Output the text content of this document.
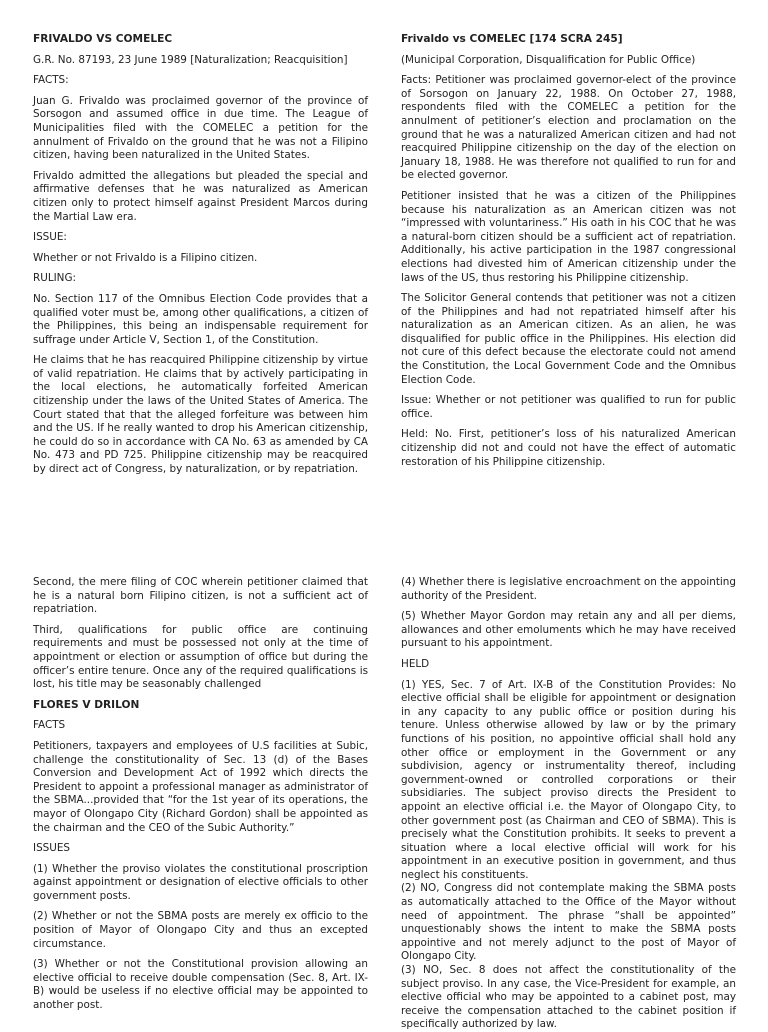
FRIVALDO VS COMELEC

G.R. No. 87193, 23 June 1989 [Naturalization; Reacquisition]

FACTS:

Juan G. Frivaldo was proclaimed governor of the province of Sorsogon and assumed office in due time. The League of Municipalities filed with the COMELEC a petition for the annulment of Frivaldo on the ground that he was not a Filipino citizen, having been naturalized in the United States.

Frivaldo admitted the allegations but pleaded the special and affirmative defenses that he was naturalized as American citizen only to protect himself against President Marcos during the Martial Law era.

ISSUE:

Whether or not Frivaldo is a Filipino citizen.

RULING:

No. Section 117 of the Omnibus Election Code provides that a qualified voter must be, among other qualifications, a citizen of the Philippines, this being an indispensable requirement for suffrage under Article V, Section 1, of the Constitution.

He claims that he has reacquired Philippine citizenship by virtue of valid repatriation. He claims that by actively participating in the local elections, he automatically forfeited American citizenship under the laws of the United States of America. The Court stated that that the alleged forfeiture was between him and the US. If he really wanted to drop his American citizenship, he could do so in accordance with CA No. 63 as amended by CA No. 473 and PD 725. Philippine citizenship may be reacquired by direct act of Congress, by naturalization, or by repatriation.

Frivaldo vs COMELEC [174 SCRA 245]

(Municipal Corporation, Disqualification for Public Office)

Facts: Petitioner was proclaimed governor-elect of the province of Sorsogon on January 22, 1988. On October 27, 1988, respondents filed with the COMELEC a petition for the annulment of petitioner’s election and proclamation on the ground that he was a naturalized American citizen and had not reacquired Philippine citizenship on the day of the election on January 18, 1988. He was therefore not qualified to run for and be elected governor.

Petitioner insisted that he was a citizen of the Philippines because his naturalization as an American citizen was not “impressed with voluntariness.” His oath in his COC that he was a natural-born citizen should be a sufficient act of repatriation. Additionally, his active participation in the 1987 congressional elections had divested him of American citizenship under the laws of the US, thus restoring his Philippine citizenship.

The Solicitor General contends that petitioner was not a citizen of the Philippines and had not repatriated himself after his naturalization as an American citizen. As an alien, he was disqualified for public office in the Philippines. His election did not cure of this defect because the electorate could not amend the Constitution, the Local Government Code and the Omnibus Election Code.

Issue: Whether or not petitioner was qualified to run for public office.

Held: No. First, petitioner’s loss of his naturalized American citizenship did not and could not have the effect of automatic restoration of his Philippine citizenship.

Second, the mere filing of COC wherein petitioner claimed that he is a natural born Filipino citizen, is not a sufficient act of repatriation.

Third, qualifications for public office are continuing requirements and must be possessed not only at the time of appointment or election or assumption of office but during the officer’s entire tenure. Once any of the required qualifications is lost, his title may be seasonably challenged

FLORES V DRILON

FACTS

Petitioners, taxpayers and employees of U.S facilities at Subic, challenge the constitutionality of Sec. 13 (d) of the Bases Conversion and Development Act of 1992 which directs the President to appoint a professional manager as administrator of the SBMA...provided that “for the 1st year of its operations, the mayor of Olongapo City (Richard Gordon) shall be appointed as the chairman and the CEO of the Subic Authority.”

ISSUES

(1) Whether the proviso violates the constitutional proscription against appointment or designation of elective officials to other government posts.

(2) Whether or not the SBMA posts are merely ex officio to the position of Mayor of Olongapo City and thus an excepted circumstance.

(3) Whether or not the Constitutional provision allowing an elective official to receive double compensation (Sec. 8, Art. IX-B) would be useless if no elective official may be appointed to another post.

(4) Whether there is legislative encroachment on the appointing authority of the President.

(5) Whether Mayor Gordon may retain any and all per diems, allowances and other emoluments which he may have received pursuant to his appointment.

HELD

(1) YES, Sec. 7 of Art. IX-B of the Constitution Provides: No elective official shall be eligible for appointment or designation in any capacity to any public office or position during his tenure. Unless otherwise allowed by law or by the primary functions of his position, no appointive official shall hold any other office or employment in the Government or any subdivision, agency or instrumentality thereof, including government-owned or controlled corporations or their subsidiaries. The subject proviso directs the President to appoint an elective official i.e. the Mayor of Olongapo City, to other government post (as Chairman and CEO of SBMA). This is precisely what the Constitution prohibits. It seeks to prevent a situation where a local elective official will work for his appointment in an executive position in government, and thus neglect his constituents.

(2) NO, Congress did not contemplate making the SBMA posts as automatically attached to the Office of the Mayor without need of appointment. The phrase “shall be appointed” unquestionably shows the intent to make the SBMA posts appointive and not merely adjunct to the post of Mayor of Olongapo City.

(3) NO, Sec. 8 does not affect the constitutionality of the subject proviso. In any case, the Vice-President for example, an elective official who may be appointed to a cabinet post, may receive the compensation attached to the cabinet position if specifically authorized by law.
